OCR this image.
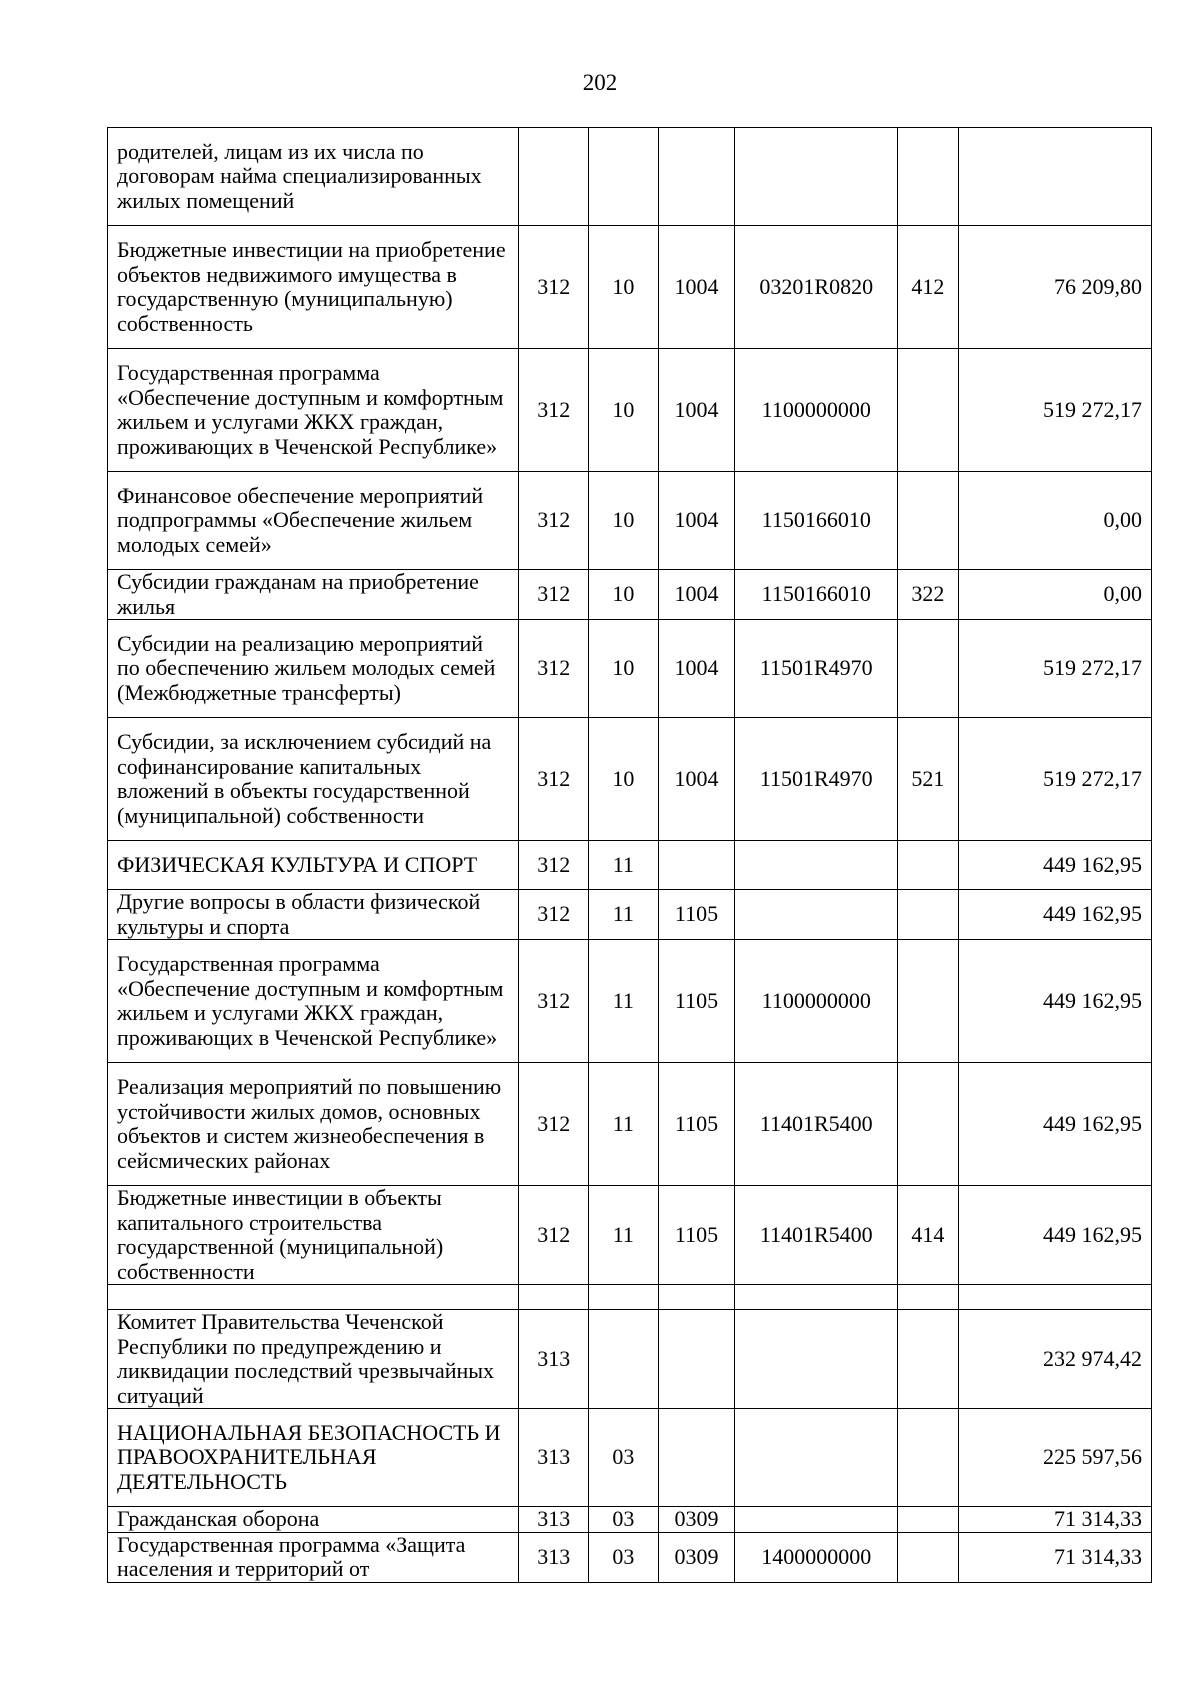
202
родителей, лицам из их числа по договорам найма специализированных жилых помещений						
Бюджетные инвестиции на приобретение объектов недвижимого имущества в государственную (муниципальную) собственность	312	10	1004	03201R0820	412	76 209,80
Государственная программа «Обеспечение доступным и комфортным жильем и услугами ЖКХ граждан, проживающих в Чеченской Республике»	312	10	1004	1100000000		519 272,17
Финансовое обеспечение мероприятий подпрограммы «Обеспечение жильем молодых семей»	312	10	1004	1150166010		0,00
Субсидии гражданам на приобретение жилья	312	10	1004	1150166010	322	0,00
Субсидии на реализацию мероприятий по обеспечению жильем молодых семей (Межбюджетные трансферты)	312	10	1004	11501R4970		519 272,17
Субсидии, за исключением субсидий на софинансирование капитальных вложений в объекты государственной (муниципальной) собственности	312	10	1004	11501R4970	521	519 272,17
ФИЗИЧЕСКАЯ КУЛЬТУРА И СПОРТ	312	11				449 162,95
Другие вопросы в области физической культуры и спорта	312	11	1105			449 162,95
Государственная программа «Обеспечение доступным и комфортным жильем и услугами ЖКХ граждан, проживающих в Чеченской Республике»	312	11	1105	1100000000		449 162,95
Реализация мероприятий по повышению устойчивости жилых домов, основных объектов и систем жизнеобеспечения в сейсмических районах	312	11	1105	11401R5400		449 162,95
Бюджетные инвестиции в объекты капитального строительства государственной (муниципальной) собственности	312	11	1105	11401R5400	414	449 162,95

Комитет Правительства Чеченской Республики по предупреждению и ликвидации последствий чрезвычайных ситуаций	313					232 974,42
НАЦИОНАЛЬНАЯ БЕЗОПАСНОСТЬ И ПРАВООХРАНИТЕЛЬНАЯ ДЕЯТЕЛЬНОСТЬ	313	03				225 597,56
Гражданская оборона	313	03	0309			71 314,33
Государственная программа «Защита населения и территорий от	313	03	0309	1400000000		71 314,33
